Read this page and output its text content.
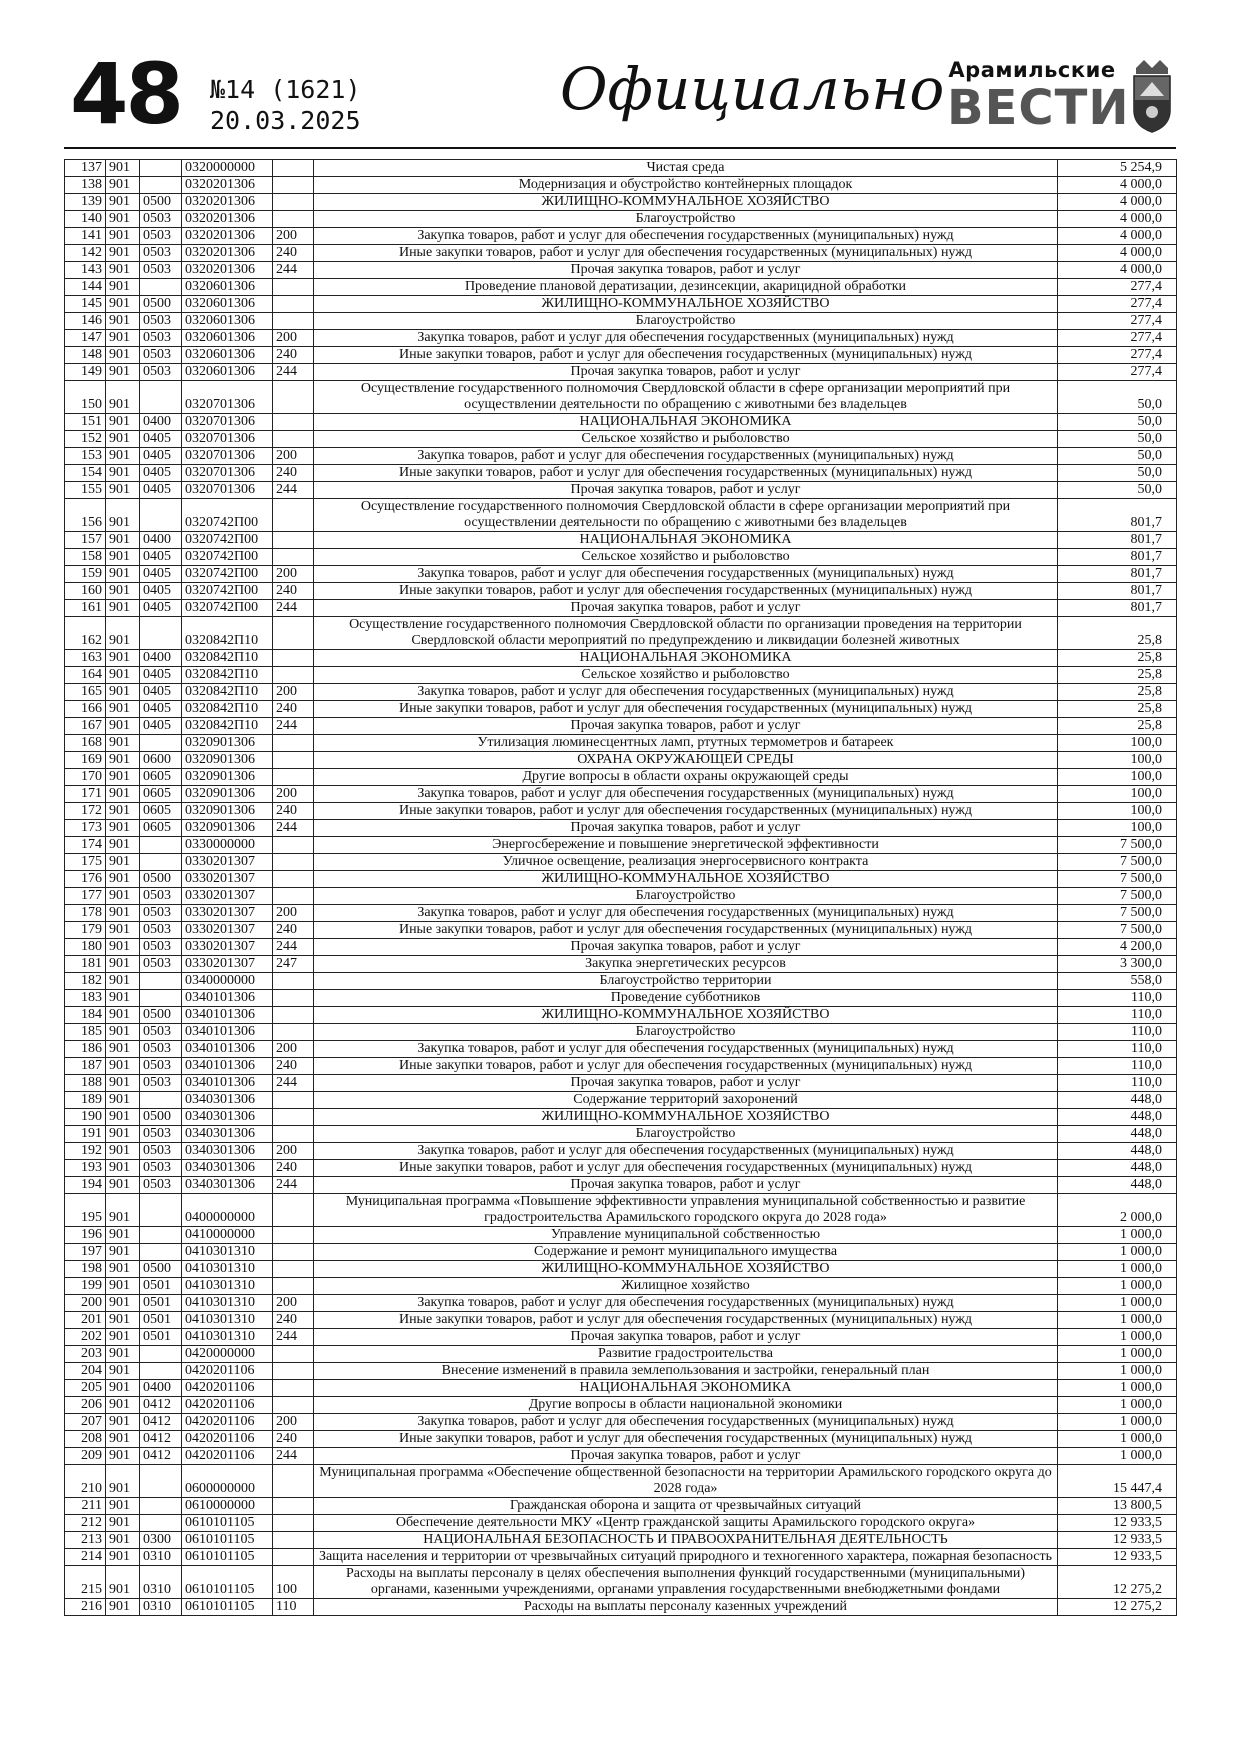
48 №14 (1621)
20.03.2025	Официально Арамильские
ВЕСТИ
137	901		0320000000		Чистая среда	5 254,9
138	901		0320201306		Модернизация и обустройство контейнерных площадок	4 000,0
139	901	0500	0320201306		ЖИЛИЩНО-КОММУНАЛЬНОЕ ХОЗЯЙСТВО	4 000,0
140	901	0503	0320201306		Благоустройство	4 000,0
141	901	0503	0320201306	200	Закупка товаров, работ и услуг для обеспечения государственных (муниципальных) нужд	4 000,0
142	901	0503	0320201306	240	Иные закупки товаров, работ и услуг для обеспечения государственных (муниципальных) нужд	4 000,0
143	901	0503	0320201306	244	Прочая закупка товаров, работ и услуг	4 000,0
144	901		0320601306		Проведение плановой дератизации, дезинсекции, акарицидной обработки	277,4
145	901	0500	0320601306		ЖИЛИЩНО-КОММУНАЛЬНОЕ ХОЗЯЙСТВО	277,4
146	901	0503	0320601306		Благоустройство	277,4
147	901	0503	0320601306	200	Закупка товаров, работ и услуг для обеспечения государственных (муниципальных) нужд	277,4
148	901	0503	0320601306	240	Иные закупки товаров, работ и услуг для обеспечения государственных (муниципальных) нужд	277,4
149	901	0503	0320601306	244	Прочая закупка товаров, работ и услуг	277,4
150	901		0320701306		Осуществление государственного полномочия Свердловской области в сфере организации мероприятий при осуществлении деятельности по обращению с животными без владельцев	50,0
151	901	0400	0320701306		НАЦИОНАЛЬНАЯ ЭКОНОМИКА	50,0
152	901	0405	0320701306		Сельское хозяйство и рыболовство	50,0
153	901	0405	0320701306	200	Закупка товаров, работ и услуг для обеспечения государственных (муниципальных) нужд	50,0
154	901	0405	0320701306	240	Иные закупки товаров, работ и услуг для обеспечения государственных (муниципальных) нужд	50,0
155	901	0405	0320701306	244	Прочая закупка товаров, работ и услуг	50,0
156	901		0320742П00		Осуществление государственного полномочия Свердловской области в сфере организации мероприятий при осуществлении деятельности по обращению с животными без владельцев	801,7
157	901	0400	0320742П00		НАЦИОНАЛЬНАЯ ЭКОНОМИКА	801,7
158	901	0405	0320742П00		Сельское хозяйство и рыболовство	801,7
159	901	0405	0320742П00	200	Закупка товаров, работ и услуг для обеспечения государственных (муниципальных) нужд	801,7
160	901	0405	0320742П00	240	Иные закупки товаров, работ и услуг для обеспечения государственных (муниципальных) нужд	801,7
161	901	0405	0320742П00	244	Прочая закупка товаров, работ и услуг	801,7
162	901		0320842П10		Осуществление государственного полномочия Свердловской области по организации проведения на территории Свердловской области мероприятий по предупреждению и ликвидации болезней животных	25,8
163	901	0400	0320842П10		НАЦИОНАЛЬНАЯ ЭКОНОМИКА	25,8
164	901	0405	0320842П10		Сельское хозяйство и рыболовство	25,8
165	901	0405	0320842П10	200	Закупка товаров, работ и услуг для обеспечения государственных (муниципальных) нужд	25,8
166	901	0405	0320842П10	240	Иные закупки товаров, работ и услуг для обеспечения государственных (муниципальных) нужд	25,8
167	901	0405	0320842П10	244	Прочая закупка товаров, работ и услуг	25,8
168	901		0320901306		Утилизация люминесцентных ламп, ртутных термометров и батареек	100,0
169	901	0600	0320901306		ОХРАНА ОКРУЖАЮЩЕЙ СРЕДЫ	100,0
170	901	0605	0320901306		Другие вопросы в области охраны окружающей среды	100,0
171	901	0605	0320901306	200	Закупка товаров, работ и услуг для обеспечения государственных (муниципальных) нужд	100,0
172	901	0605	0320901306	240	Иные закупки товаров, работ и услуг для обеспечения государственных (муниципальных) нужд	100,0
173	901	0605	0320901306	244	Прочая закупка товаров, работ и услуг	100,0
174	901		0330000000		Энергосбережение и повышение энергетической эффективности	7 500,0
175	901		0330201307		Уличное освещение, реализация энергосервисного контракта	7 500,0
176	901	0500	0330201307		ЖИЛИЩНО-КОММУНАЛЬНОЕ ХОЗЯЙСТВО	7 500,0
177	901	0503	0330201307		Благоустройство	7 500,0
178	901	0503	0330201307	200	Закупка товаров, работ и услуг для обеспечения государственных (муниципальных) нужд	7 500,0
179	901	0503	0330201307	240	Иные закупки товаров, работ и услуг для обеспечения государственных (муниципальных) нужд	7 500,0
180	901	0503	0330201307	244	Прочая закупка товаров, работ и услуг	4 200,0
181	901	0503	0330201307	247	Закупка энергетических ресурсов	3 300,0
182	901		0340000000		Благоустройство территории	558,0
183	901		0340101306		Проведение субботников	110,0
184	901	0500	0340101306		ЖИЛИЩНО-КОММУНАЛЬНОЕ ХОЗЯЙСТВО	110,0
185	901	0503	0340101306		Благоустройство	110,0
186	901	0503	0340101306	200	Закупка товаров, работ и услуг для обеспечения государственных (муниципальных) нужд	110,0
187	901	0503	0340101306	240	Иные закупки товаров, работ и услуг для обеспечения государственных (муниципальных) нужд	110,0
188	901	0503	0340101306	244	Прочая закупка товаров, работ и услуг	110,0
189	901		0340301306		Содержание территорий захоронений	448,0
190	901	0500	0340301306		ЖИЛИЩНО-КОММУНАЛЬНОЕ ХОЗЯЙСТВО	448,0
191	901	0503	0340301306		Благоустройство	448,0
192	901	0503	0340301306	200	Закупка товаров, работ и услуг для обеспечения государственных (муниципальных) нужд	448,0
193	901	0503	0340301306	240	Иные закупки товаров, работ и услуг для обеспечения государственных (муниципальных) нужд	448,0
194	901	0503	0340301306	244	Прочая закупка товаров, работ и услуг	448,0
195	901		0400000000		Муниципальная программа «Повышение эффективности управления муниципальной собственностью и развитие градостроительства Арамильского городского округа до 2028 года»	2 000,0
196	901		0410000000		Управление муниципальной собственностью	1 000,0
197	901		0410301310		Содержание и ремонт муниципального имущества	1 000,0
198	901	0500	0410301310		ЖИЛИЩНО-КОММУНАЛЬНОЕ ХОЗЯЙСТВО	1 000,0
199	901	0501	0410301310		Жилищное хозяйство	1 000,0
200	901	0501	0410301310	200	Закупка товаров, работ и услуг для обеспечения государственных (муниципальных) нужд	1 000,0
201	901	0501	0410301310	240	Иные закупки товаров, работ и услуг для обеспечения государственных (муниципальных) нужд	1 000,0
202	901	0501	0410301310	244	Прочая закупка товаров, работ и услуг	1 000,0
203	901		0420000000		Развитие градостроительства	1 000,0
204	901		0420201106		Внесение изменений в правила землепользования и застройки, генеральный план	1 000,0
205	901	0400	0420201106		НАЦИОНАЛЬНАЯ ЭКОНОМИКА	1 000,0
206	901	0412	0420201106		Другие вопросы в области национальной экономики	1 000,0
207	901	0412	0420201106	200	Закупка товаров, работ и услуг для обеспечения государственных (муниципальных) нужд	1 000,0
208	901	0412	0420201106	240	Иные закупки товаров, работ и услуг для обеспечения государственных (муниципальных) нужд	1 000,0
209	901	0412	0420201106	244	Прочая закупка товаров, работ и услуг	1 000,0
210	901		0600000000		Муниципальная программа «Обеспечение общественной безопасности на территории Арамильского городского округа до 2028 года»	15 447,4
211	901		0610000000		Гражданская оборона и защита от чрезвычайных ситуаций	13 800,5
212	901		0610101105		Обеспечение деятельности МКУ «Центр гражданской защиты Арамильского городского округа»	12 933,5
213	901	0300	0610101105		НАЦИОНАЛЬНАЯ БЕЗОПАСНОСТЬ И ПРАВООХРАНИТЕЛЬНАЯ ДЕЯТЕЛЬНОСТЬ	12 933,5
214	901	0310	0610101105		Защита населения и территории от чрезвычайных ситуаций природного и техногенного характера, пожарная безопасность	12 933,5
215	901	0310	0610101105	100	Расходы на выплаты персоналу в целях обеспечения выполнения функций государственными (муниципальными) органами, казенными учреждениями, органами управления государственными внебюджетными фондами	12 275,2
216	901	0310	0610101105	110	Расходы на выплаты персоналу казенных учреждений	12 275,2
